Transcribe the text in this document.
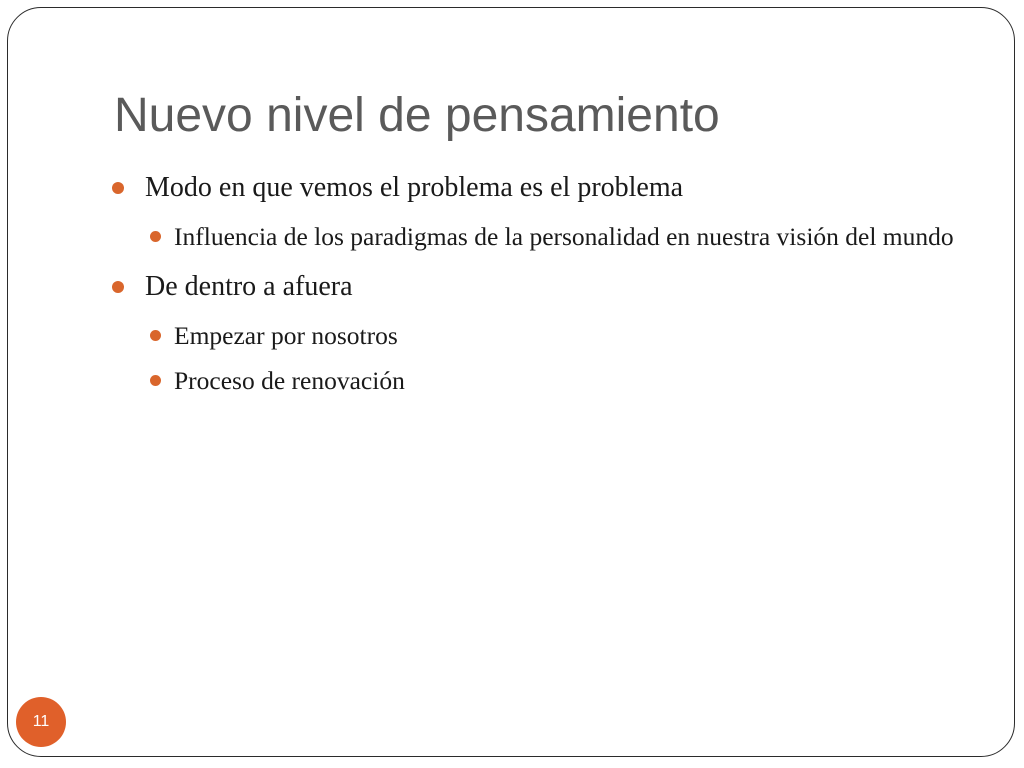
Nuevo nivel de pensamiento
Modo en que vemos el problema es el problema
Influencia de los paradigmas de la personalidad en nuestra visión del mundo
De dentro a afuera
Empezar por nosotros
Proceso de renovación
11
